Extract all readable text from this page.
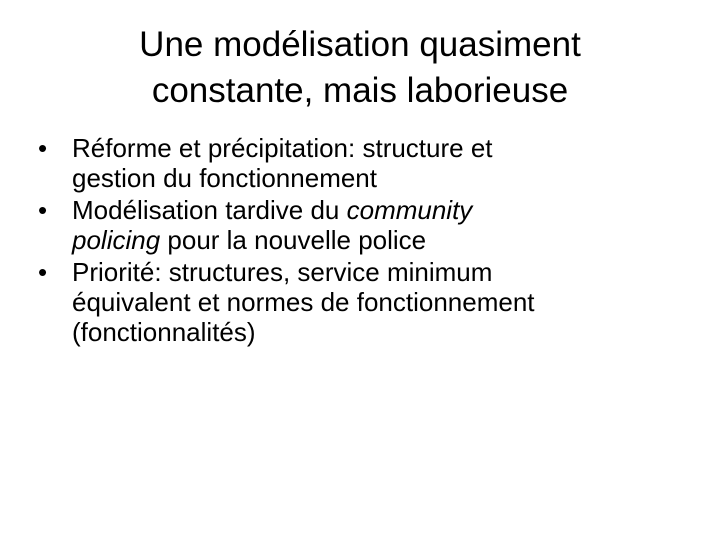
Une modélisation quasiment
constante, mais laborieuse
• Réforme et précipitation: structure et
gestion du fonctionnement
• Modélisation tardive du community
policing pour la nouvelle police
• Priorité: structures, service minimum
équivalent et normes de fonctionnement
(fonctionnalités)
